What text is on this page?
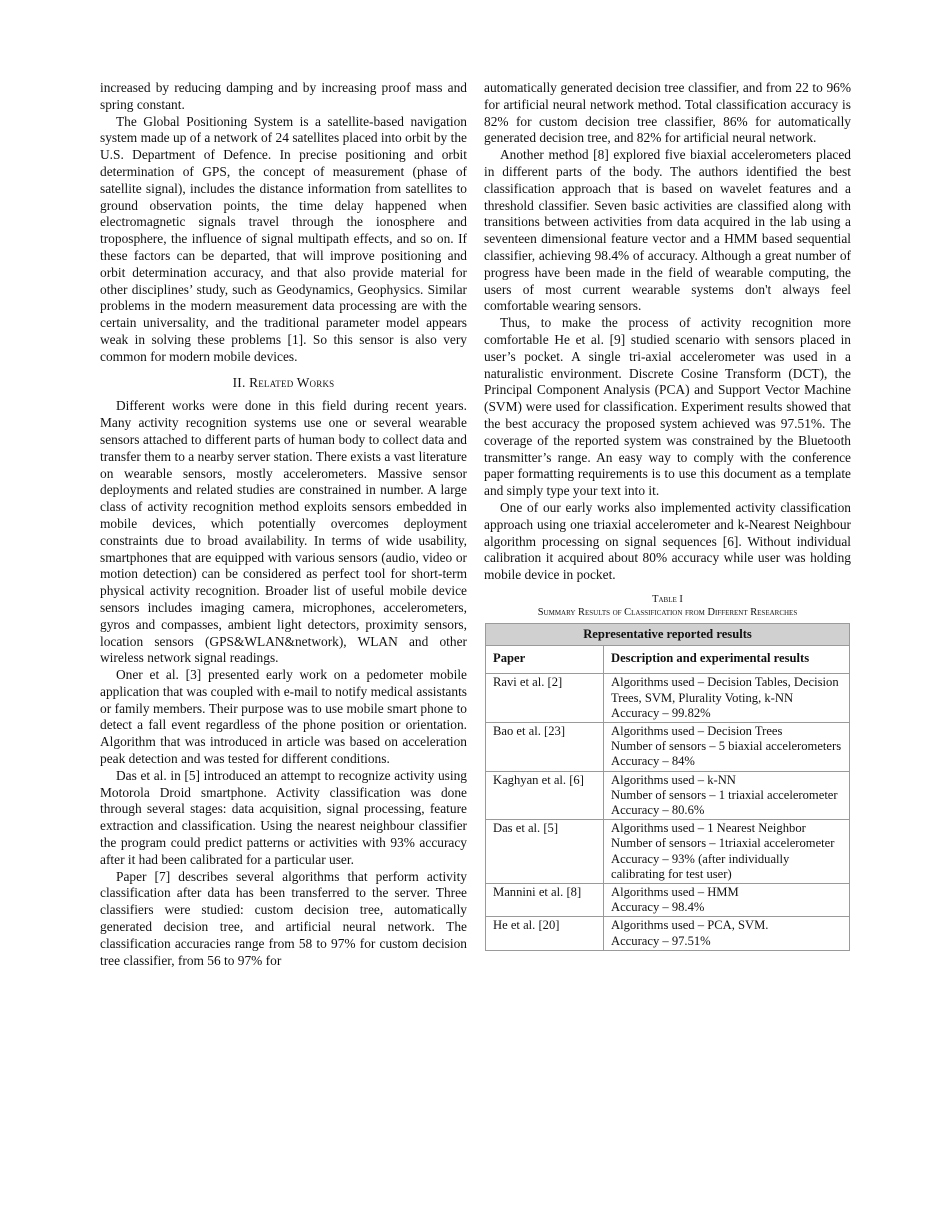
increased by reducing damping and by increasing proof mass and spring constant.

The Global Positioning System is a satellite-based navigation system made up of a network of 24 satellites placed into orbit by the U.S. Department of Defence. In precise positioning and orbit determination of GPS, the concept of measurement (phase of satellite signal), includes the distance information from satellites to ground observation points, the time delay happened when electromagnetic signals travel through the ionosphere and troposphere, the influence of signal multipath effects, and so on. If these factors can be departed, that will improve positioning and orbit determination accuracy, and that also provide material for other disciplines’ study, such as Geodynamics, Geophysics. Similar problems in the modern measurement data processing are with the certain universality, and the traditional parameter model appears weak in solving these problems [1]. So this sensor is also very common for modern mobile devices.

II. Related Works

Different works were done in this field during recent years. Many activity recognition systems use one or several wearable sensors attached to different parts of human body to collect data and transfer them to a nearby server station. There exists a vast literature on wearable sensors, mostly accelerometers. Massive sensor deployments and related studies are constrained in number. A large class of activity recognition method exploits sensors embedded in mobile devices, which potentially overcomes deployment constraints due to broad availability. In terms of wide usability, smartphones that are equipped with various sensors (audio, video or motion detection) can be considered as perfect tool for short-term physical activity recognition. Broader list of useful mobile device sensors includes imaging camera, microphones, accelerometers, gyros and compasses, ambient light detectors, proximity sensors, location sensors (GPS&WLAN&network), WLAN and other wireless network signal readings.

Oner et al. [3] presented early work on a pedometer mobile application that was coupled with e-mail to notify medical assistants or family members. Their purpose was to use mobile smart phone to detect a fall event regardless of the phone position or orientation. Algorithm that was introduced in article was based on acceleration peak detection and was tested for different conditions.

Das et al. in [5] introduced an attempt to recognize activity using Motorola Droid smartphone. Activity classification was done through several stages: data acquisition, signal processing, feature extraction and classification. Using the nearest neighbour classifier the program could predict patterns or activities with 93% accuracy after it had been calibrated for a particular user.

Paper [7] describes several algorithms that perform activity classification after data has been transferred to the server. Three classifiers were studied: custom decision tree, automatically generated decision tree, and artificial neural network. The classification accuracies range from 58 to 97% for custom decision tree classifier, from 56 to 97% for

automatically generated decision tree classifier, and from 22 to 96% for artificial neural network method. Total classification accuracy is 82% for custom decision tree classifier, 86% for automatically generated decision tree, and 82% for artificial neural network.

Another method [8] explored five biaxial accelerometers placed in different parts of the body. The authors identified the best classification approach that is based on wavelet features and a threshold classifier. Seven basic activities are classified along with transitions between activities from data acquired in the lab using a seventeen dimensional feature vector and a HMM based sequential classifier, achieving 98.4% of accuracy. Although a great number of progress have been made in the field of wearable computing, the users of most current wearable systems don't always feel comfortable wearing sensors.

Thus, to make the process of activity recognition more comfortable He et al. [9] studied scenario with sensors placed in user’s pocket. A single tri-axial accelerometer was used in a naturalistic environment. Discrete Cosine Transform (DCT), the Principal Component Analysis (PCA) and Support Vector Machine (SVM) were used for classification. Experiment results showed that the best accuracy the proposed system achieved was 97.51%. The coverage of the reported system was constrained by the Bluetooth transmitter’s range. An easy way to comply with the conference paper formatting requirements is to use this document as a template and simply type your text into it.

One of our early works also implemented activity classification approach using one triaxial accelerometer and k-Nearest Neighbour algorithm processing on signal sequences [6]. Without individual calibration it acquired about 80% accuracy while user was holding mobile device in pocket.

Table I
Summary Results of Classification from Different Researches
Representative reported results	
Paper	Description and experimental results
Ravi et al. [2]	Algorithms used – Decision Tables, Decision Trees, SVM, Plurality Voting, k-NN
Accuracy – 99.82%

Bao et al. [23]	Algorithms used – Decision Trees
Number of sensors – 5 biaxial accelerometers
Accuracy – 84%

Kaghyan et al. [6]	Algorithms used – k-NN
Number of sensors – 1 triaxial accelerometer
Accuracy – 80.6%

Das et al. [5]	Algorithms used – 1 Nearest Neighbor
Number of sensors – 1triaxial accelerometer
Accuracy – 93% (after individually calibrating for test user)

Mannini et al. [8]	Algorithms used – HMM
Accuracy – 98.4%

He et al. [20]	Algorithms used – PCA, SVM.
Accuracy – 97.51%
